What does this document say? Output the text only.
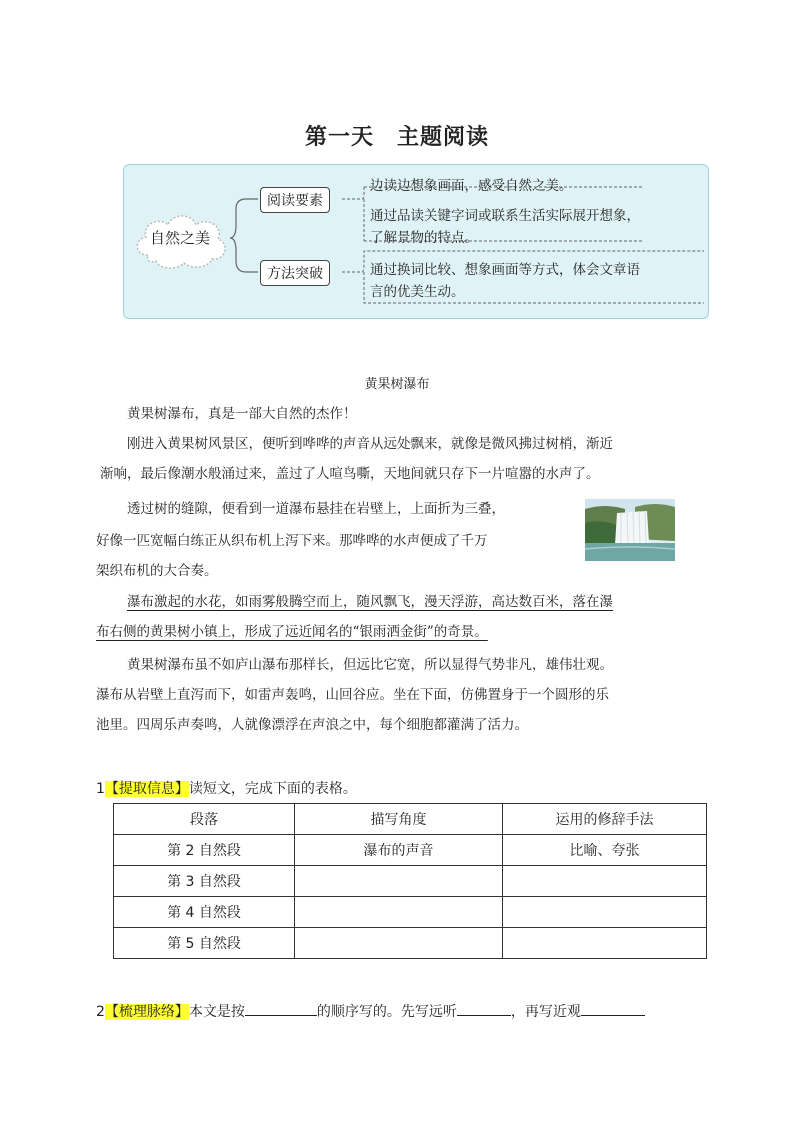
第一天　主题阅读
自然之美
阅读要素
方法突破
边读边想象画面，感受自然之美。
通过品读关键字词或联系生活实际展开想象，
了解景物的特点。
通过换词比较、想象画面等方式，体会文章语
言的优美生动。
黄果树瀑布
黄果树瀑布，真是一部大自然的杰作！
刚进入黄果树风景区，便听到哗哗的声音从远处飘来，就像是微风拂过树梢，渐近
渐响，最后像潮水般涌过来，盖过了人喧鸟嘶，天地间就只存下一片喧嚣的水声了。
透过树的缝隙，便看到一道瀑布悬挂在岩壁上，上面折为三叠，
好像一匹宽幅白练正从织布机上泻下来。那哗哗的水声便成了千万
架织布机的大合奏。
瀑布激起的水花，如雨雾般腾空而上，随风飘飞，漫天浮游，高达数百米，落在瀑
布右侧的黄果树小镇上，形成了远近闻名的“银雨洒金街”的奇景。
黄果树瀑布虽不如庐山瀑布那样长，但远比它宽，所以显得气势非凡，雄伟壮观。
瀑布从岩壁上直泻而下，如雷声轰鸣，山回谷应。坐在下面，仿佛置身于一个圆形的乐
池里。四周乐声奏鸣，人就像漂浮在声浪之中，每个细胞都灌满了活力。
1【提取信息】读短文，完成下面的表格。
段落	描写角度	运用的修辞手法
第 2 自然段	瀑布的声音	比喻、夸张
第 3 自然段		
第 4 自然段		
第 5 自然段		
2【梳理脉络】本文是按	的顺序写的。先写远听	，再写近观
